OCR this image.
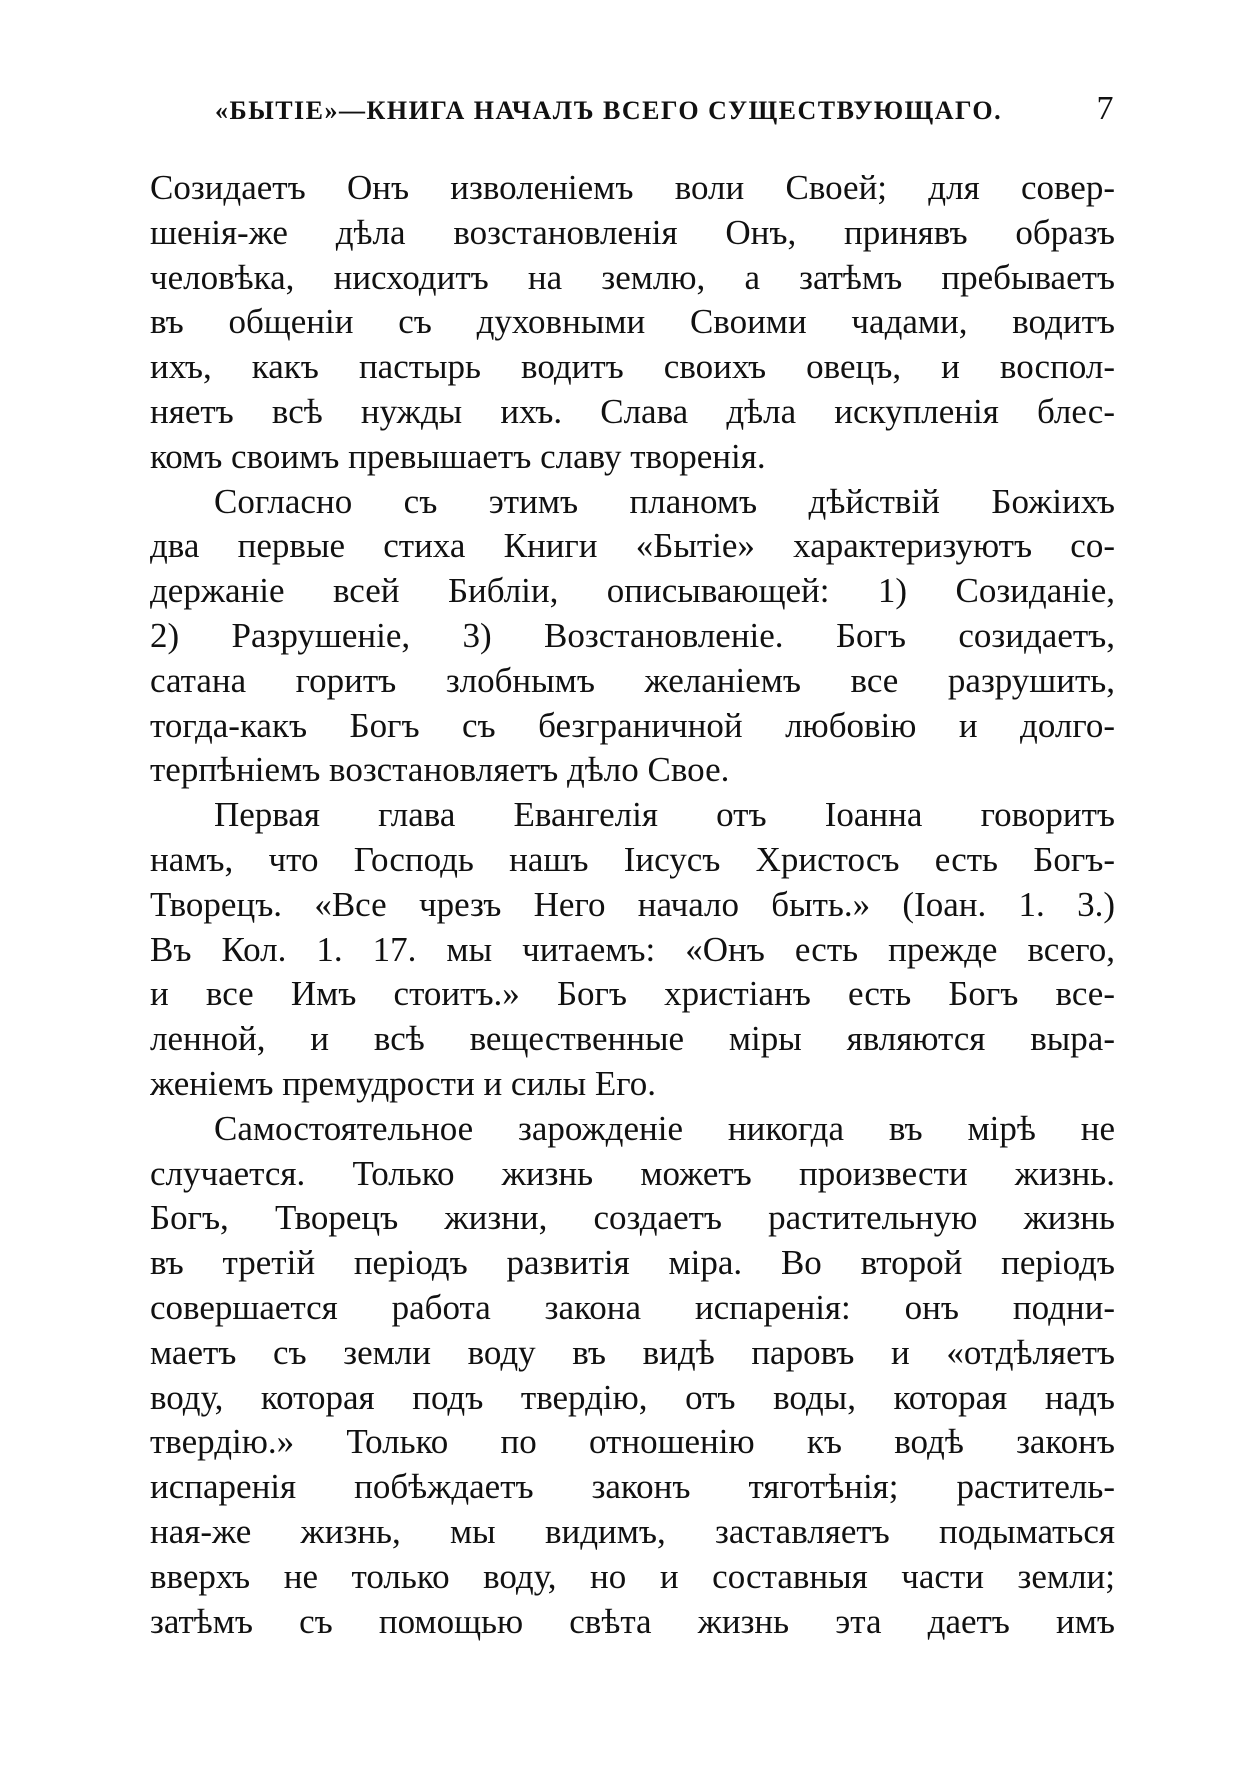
«БЫТІЕ»—КНИГА НАЧАЛЪ ВСЕГО СУЩЕСТВУЮЩАГО.	7
Созидаетъ Онъ изволеніемъ воли Своей; для совер-
шенія-же дѣла возстановленія Онъ, принявъ образъ
человѣка, нисходитъ на землю, а затѣмъ пребываетъ
въ общеніи съ духовными Своими чадами, водитъ
ихъ, какъ пастырь водитъ своихъ овецъ, и воспол-
няетъ всѣ нужды ихъ. Слава дѣла искупленія блес-
комъ своимъ превышаетъ славу творенія.
Согласно съ этимъ планомъ дѣйствій Божіихъ
два первые стиха Книги «Бытіе» характеризуютъ со-
держаніе всей Библіи, описывающей: 1) Созиданіе,
2) Разрушеніе, 3) Возстановленіе. Богъ созидаетъ,
сатана горитъ злобнымъ желаніемъ все разрушить,
тогда-какъ Богъ съ безграничной любовію и долго-
терпѣніемъ возстановляетъ дѣло Свое.
Первая глава Евангелія отъ Іоанна говоритъ
намъ, что Господь нашъ Іисусъ Христосъ есть Богъ-
Творецъ. «Все чрезъ Него начало быть.» (Іоан. 1. 3.)
Въ Кол. 1. 17. мы читаемъ: «Онъ есть прежде всего,
и все Имъ стоитъ.» Богъ христіанъ есть Богъ все-
ленной, и всѣ вещественные міры являются выра-
женіемъ премудрости и силы Его.
Самостоятельное зарожденіе никогда въ мірѣ не
случается. Только жизнь можетъ произвести жизнь.
Богъ, Творецъ жизни, создаетъ растительную жизнь
въ третій періодъ развитія міра. Во второй періодъ
совершается работа закона испаренія: онъ подни-
маетъ съ земли воду въ видѣ паровъ и «отдѣляетъ
воду, которая подъ твердію, отъ воды, которая надъ
твердію.» Только по отношенію къ водѣ законъ
испаренія побѣждаетъ законъ тяготѣнія; раститель-
ная-же жизнь, мы видимъ, заставляетъ подыматься
вверхъ не только воду, но и составныя части земли;
затѣмъ съ помощью свѣта жизнь эта даетъ имъ
